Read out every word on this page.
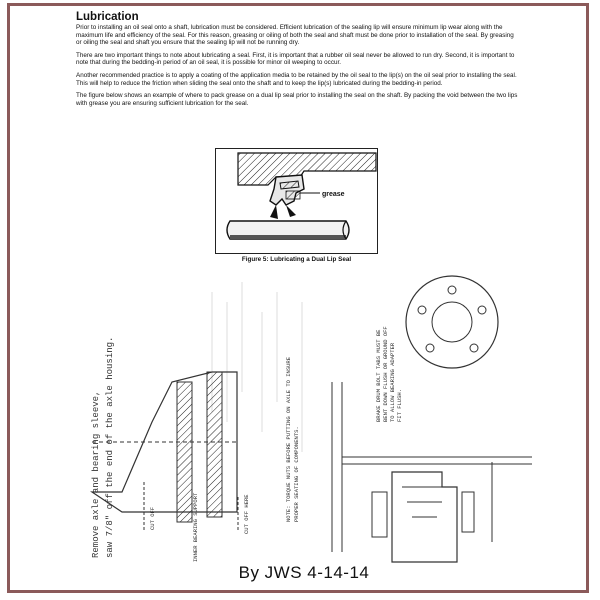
Lubrication

Prior to installing an oil seal onto a shaft, lubrication must be considered. Efficient lubrication of the sealing lip will ensure minimum lip wear along with the maximum life and efficiency of the seal. For this reason, greasing or oiling of both the seal and shaft must be done prior to installation of the seal. By greasing or oiling the seal and shaft you ensure that the sealing lip will not be running dry.

There are two important things to note about lubricating a seal. First, it is important that a rubber oil seal never be allowed to run dry. Second, it is important to note that during the bedding-in period of an oil seal, it is possible for minor oil weeping to occur.

Another recommended practice is to apply a coating of the application media to be retained by the oil seal to the lip(s) on the oil seal prior to installing the seal. This will help to reduce the friction when sliding the seal onto the shaft and to keep the lip(s) lubricated during the bedding-in period.

The figure below shows an example of where to pack grease on a dual lip seal prior to installing the seal on the shaft. By packing the void between the two lips with grease you are ensuring sufficient lubrication for the seal.

grease
Figure 5: Lubricating a Dual Lip Seal
Remove axle and bearing sleeve, saw 7/8" off the end of the axle housing.	CUT OFF	INNER BEARING SUPPORT	CUT OFF HERE	NOTE: TORQUE NUTS BEFORE PUTTING ON AXLE TO INSURE PROPER SEATING OF COMPONENTS.
BRAKE DRUM BOLT TABS MUST BE BENT DOWN FLUSH OR GROUND OFF TO ALLOW BEARING ADAPTER FIT FLUSH.
By JWS 4-14-14
